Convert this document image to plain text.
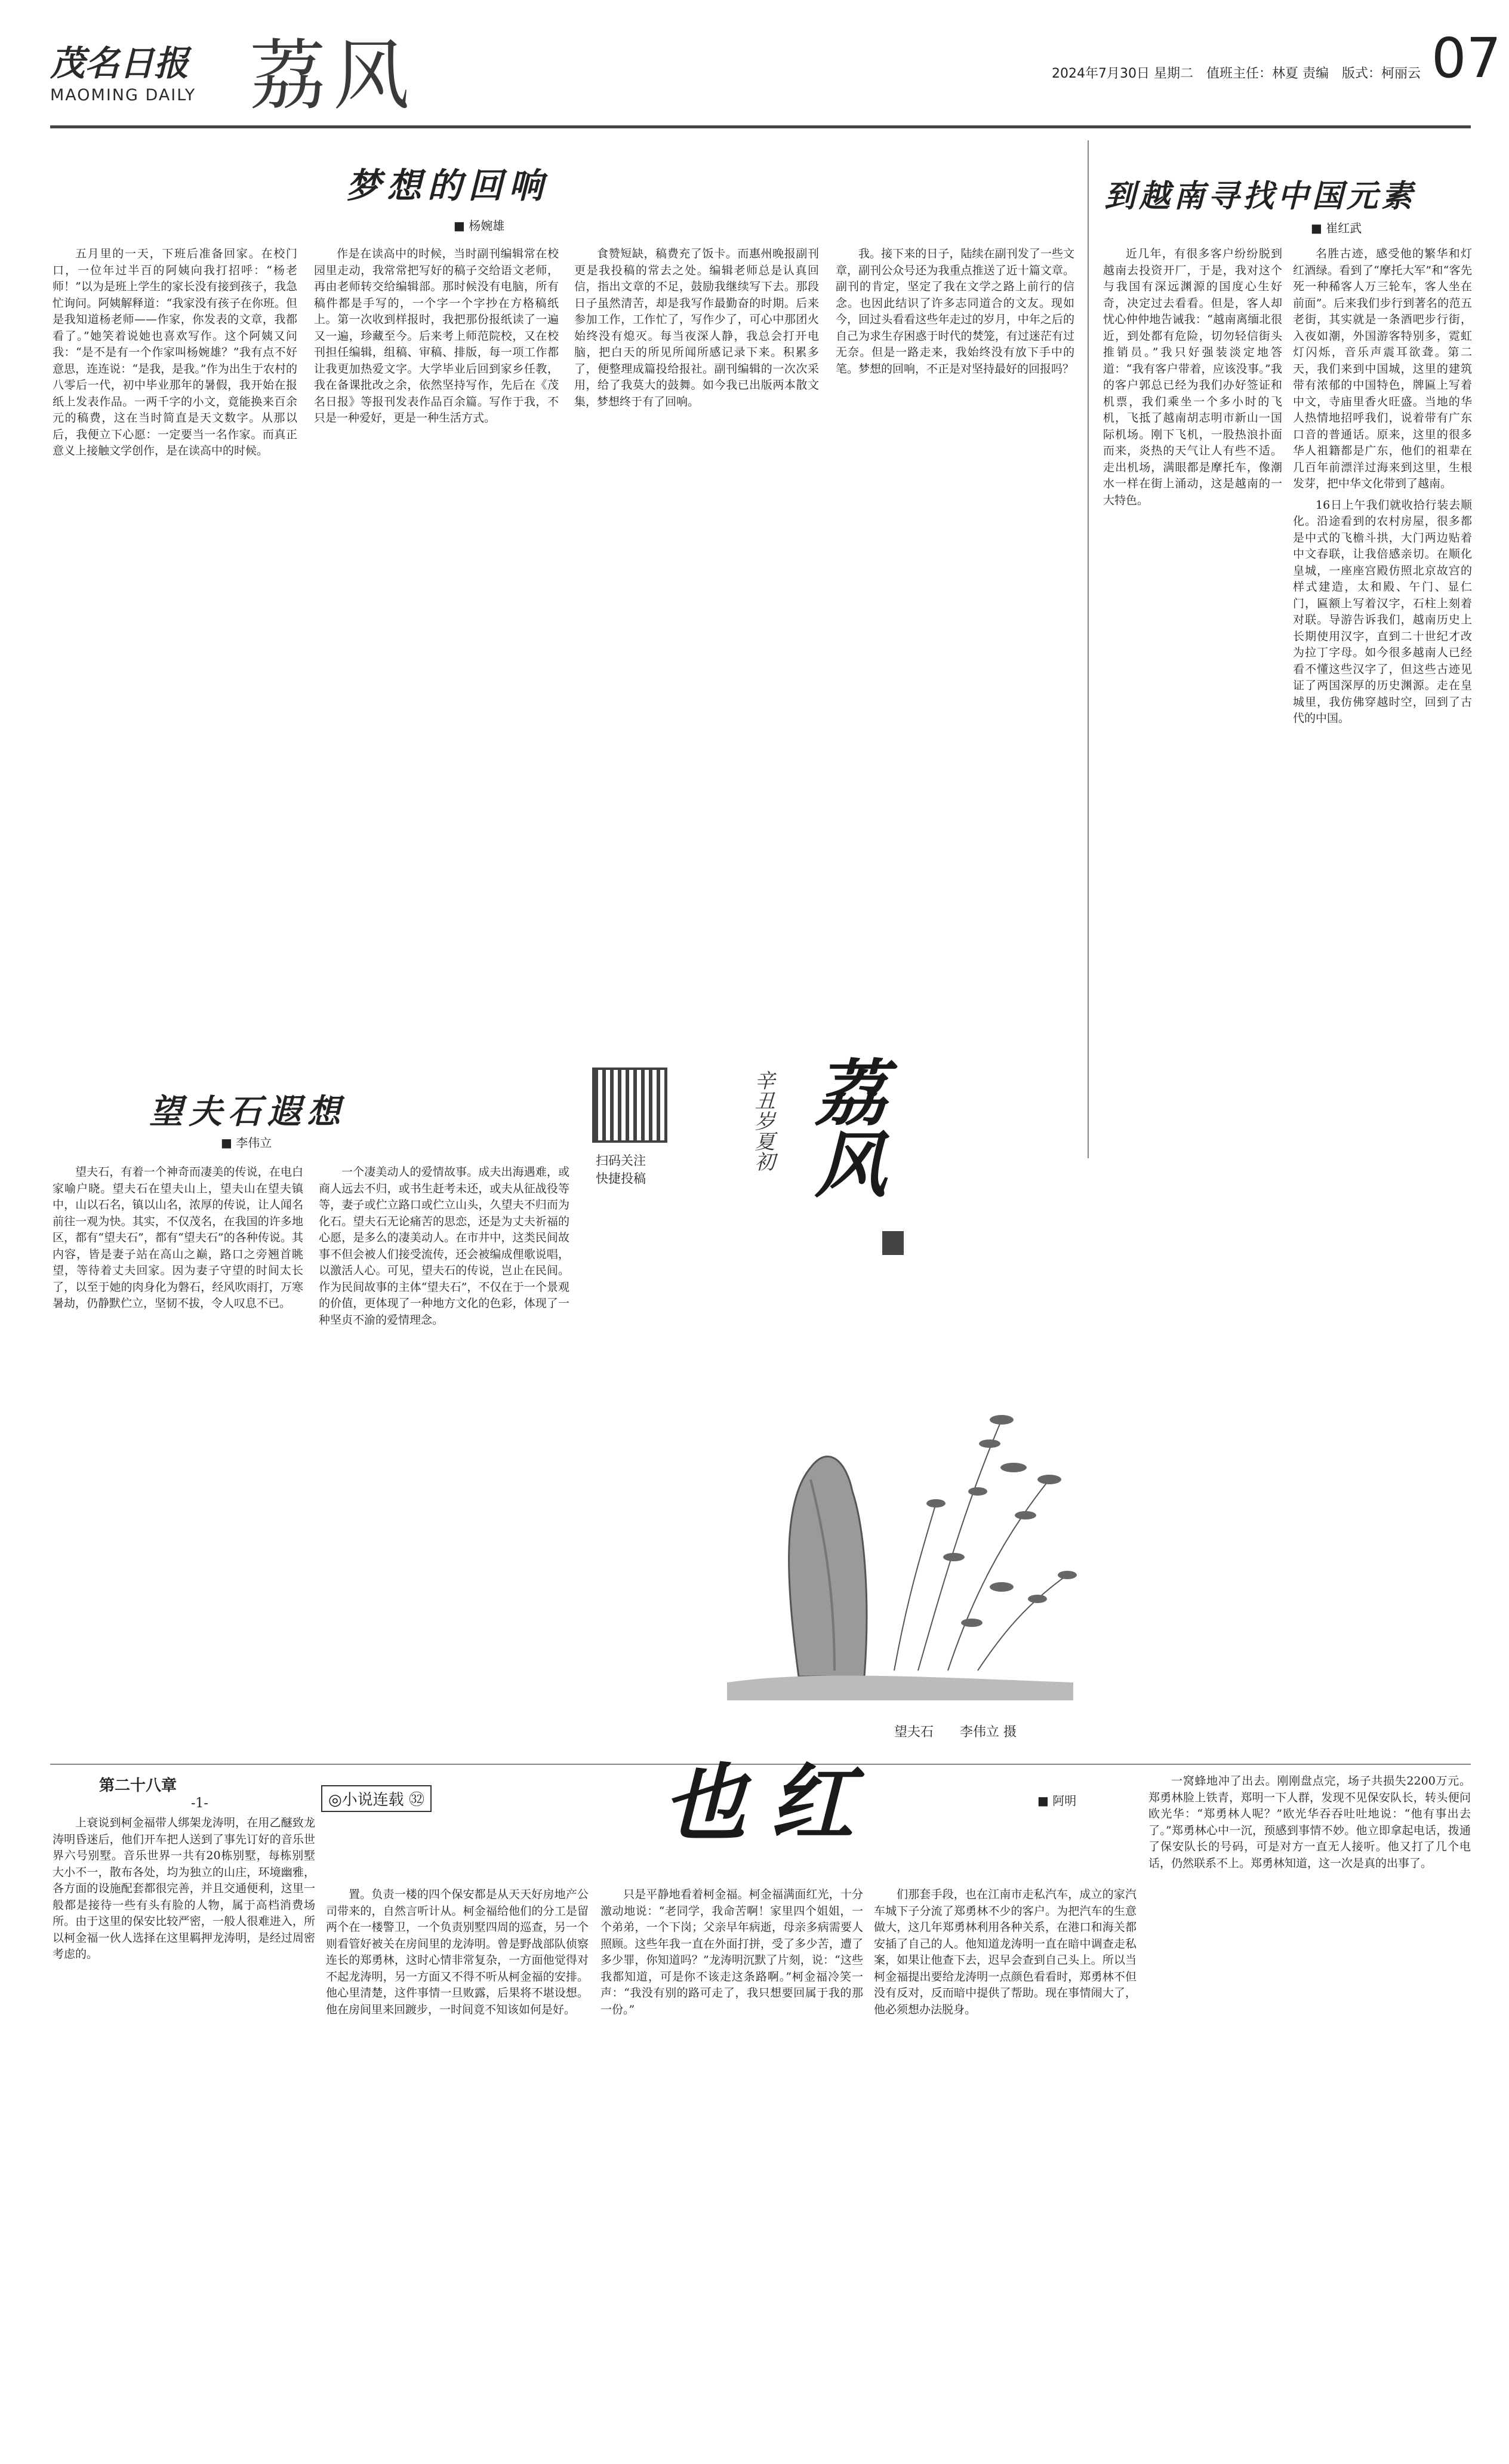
茂名日报
MAOMING DAILY 荔风	2024年7月30日 星期二　值班主任：林夏 责编　版式：柯丽云 07
梦想的回响
■ 杨婉雄
五月里的一天，下班后准备回家。在校门口，一位年过半百的阿姨向我打招呼：“杨老师！”以为是班上学生的家长没有接到孩子，我急忙询问。阿姨解释道：“我家没有孩子在你班。但是我知道杨老师——作家，你发表的文章，我都看了。”她笑着说她也喜欢写作。这个阿姨又问我：“是不是有一个作家叫杨婉雄？”我有点不好意思，连连说：“是我，是我。”作为出生于农村的八零后一代，初中毕业那年的暑假，我开始在报纸上发表作品。一两千字的小文，竟能换来百余元的稿费，这在当时简直是天文数字。从那以后，我便立下心愿：一定要当一名作家。而真正意义上接触文学创作，是在读高中的时候。
作是在读高中的时候，当时副刊编辑常在校园里走动，我常常把写好的稿子交给语文老师，再由老师转交给编辑部。那时候没有电脑，所有稿件都是手写的，一个字一个字抄在方格稿纸上。第一次收到样报时，我把那份报纸读了一遍又一遍，珍藏至今。后来考上师范院校，又在校刊担任编辑，组稿、审稿、排版，每一项工作都让我更加热爱文字。大学毕业后回到家乡任教，我在备课批改之余，依然坚持写作，先后在《茂名日报》等报刊发表作品百余篇。写作于我，不只是一种爱好，更是一种生活方式。
食赞短缺，稿费充了饭卡。而惠州晚报副刊更是我投稿的常去之处。编辑老师总是认真回信，指出文章的不足，鼓励我继续写下去。那段日子虽然清苦，却是我写作最勤奋的时期。后来参加工作，工作忙了，写作少了，可心中那团火始终没有熄灭。每当夜深人静，我总会打开电脑，把白天的所见所闻所感记录下来。积累多了，便整理成篇投给报社。副刊编辑的一次次采用，给了我莫大的鼓舞。如今我已出版两本散文集，梦想终于有了回响。
我。接下来的日子，陆续在副刊发了一些文章，副刊公众号还为我重点推送了近十篇文章。副刊的肯定，坚定了我在文学之路上前行的信念。也因此结识了许多志同道合的文友。现如今，回过头看看这些年走过的岁月，中年之后的自己为求生存困惑于时代的焚笼，有过迷茫有过无奈。但是一路走来，我始终没有放下手中的笔。梦想的回响，不正是对坚持最好的回报吗？
到越南寻找中国元素
■ 崔红武
近几年，有很多客户纷纷脱到越南去投资开厂，于是，我对这个与我国有深远渊源的国度心生好奇，决定过去看看。但是，客人却忧心仲仲地告诫我：“越南离缅北很近，到处都有危险，切勿轻信街头推销员。”我只好强装淡定地答道：“我有客户带着，应该没事。”我的客户郭总已经为我们办好签证和机票，我们乘坐一个多小时的飞机，飞抵了越南胡志明市新山一国际机场。刚下飞机，一股热浪扑面而来，炎热的天气让人有些不适。走出机场，满眼都是摩托车，像潮水一样在街上涌动，这是越南的一大特色。
名胜古迹，感受他的繁华和灯红酒绿。看到了“摩托大军”和“客先死一种稀客人万三轮车，客人坐在前面”。后来我们步行到著名的范五老街，其实就是一条酒吧步行街，入夜如潮，外国游客特别多，霓虹灯闪烁，音乐声震耳欲聋。第二天，我们来到中国城，这里的建筑带有浓郁的中国特色，牌匾上写着中文，寺庙里香火旺盛。当地的华人热情地招呼我们，说着带有广东口音的普通话。原来，这里的很多华人祖籍都是广东，他们的祖辈在几百年前漂洋过海来到这里，生根发芽，把中华文化带到了越南。
16日上午我们就收拾行装去顺化。沿途看到的农村房屋，很多都是中式的飞檐斗拱，大门两边贴着中文春联，让我倍感亲切。在顺化皇城，一座座宫殿仿照北京故宫的样式建造，太和殿、午门、显仁门，匾额上写着汉字，石柱上刻着对联。导游告诉我们，越南历史上长期使用汉字，直到二十世纪才改为拉丁字母。如今很多越南人已经看不懂这些汉字了，但这些古迹见证了两国深厚的历史渊源。走在皇城里，我仿佛穿越时空，回到了古代的中国。
望夫石遐想
■ 李伟立
望夫石，有着一个神奇而凄美的传说，在电白家喻户晓。望夫石在望夫山上，望夫山在望夫镇中，山以石名，镇以山名，浓厚的传说，让人闻名前往一观为快。其实，不仅茂名，在我国的许多地区，都有“望夫石”，都有“望夫石”的各种传说。其内容，皆是妻子站在高山之巅，路口之旁翘首眺望，等待着丈夫回家。因为妻子守望的时间太长了，以至于她的肉身化为磐石，经风吹雨打，万寒暑劫，仍静默伫立，坚韧不拔，令人叹息不已。
一个凄美动人的爱情故事。成夫出海遇难，或商人远去不归，或书生赶考未还，或夫从征战役等等，妻子或伫立路口或伫立山头，久望夫不归而为化石。望夫石无论痛苦的思恋，还是为丈夫祈福的心愿，是多么的凄美动人。在市井中，这类民间故事不但会被人们接受流传，还会被编成俚歌说唱，以激活人心。可见，望夫石的传说，岂止在民间。作为民间故事的主体“望夫石”，不仅在于一个景观的价值，更体现了一种地方文化的色彩，体现了一种坚贞不渝的爱情理念。
扫码关注
快捷投稿 荔风
辛丑岁夏初
望夫石　　李伟立 摄
第二十八章
-1-	◎小说连载 ㉜	也红	■ 阿明
上衰说到柯金福带人绑架龙涛明，在用乙醚致龙涛明昏迷后，他们开车把人送到了事先订好的音乐世界六号别墅。音乐世界一共有20栋别墅，每栋别墅大小不一，散布各处，均为独立的山庄，环境幽雅，各方面的设施配套都很完善，并且交通便利，这里一般都是接待一些有头有脸的人物，属于高档消费场所。由于这里的保安比较严密，一般人很难进入，所以柯金福一伙人选择在这里羁押龙涛明，是经过周密考虑的。
置。负责一楼的四个保安都是从天天好房地产公司带来的，自然言听计从。柯金福给他们的分工是留两个在一楼警卫，一个负责别墅四周的巡查，另一个则看管好被关在房间里的龙涛明。曾是野战部队侦察连长的郑勇林，这时心情非常复杂，一方面他觉得对不起龙涛明，另一方面又不得不听从柯金福的安排。他心里清楚，这件事情一旦败露，后果将不堪设想。他在房间里来回踱步，一时间竟不知该如何是好。
只是平静地看着柯金福。柯金福满面红光，十分激动地说：“老同学，我命苦啊！家里四个姐姐，一个弟弟，一个下岗；父亲早年病逝，母亲多病需要人照顾。这些年我一直在外面打拼，受了多少苦，遭了多少罪，你知道吗？”龙涛明沉默了片刻，说：“这些我都知道，可是你不该走这条路啊。”柯金福冷笑一声：“我没有别的路可走了，我只想要回属于我的那一份。”
们那套手段，也在江南市走私汽车，成立的家汽车城下子分流了郑勇林不少的客户。为把汽车的生意做大，这几年郑勇林利用各种关系，在港口和海关都安插了自己的人。他知道龙涛明一直在暗中调查走私案，如果让他查下去，迟早会查到自己头上。所以当柯金福提出要给龙涛明一点颜色看看时，郑勇林不但没有反对，反而暗中提供了帮助。现在事情闹大了，他必须想办法脱身。
一窝蜂地冲了出去。刚刚盘点完，场子共损失2200万元。郑勇林脸上铁青，郑明一下人群，发现不见保安队长，转头便问欧光华：“郑勇林人呢？”欧光华吞吞吐吐地说：“他有事出去了。”郑勇林心中一沉，预感到事情不妙。他立即拿起电话，拨通了保安队长的号码，可是对方一直无人接听。他又打了几个电话，仍然联系不上。郑勇林知道，这一次是真的出事了。
